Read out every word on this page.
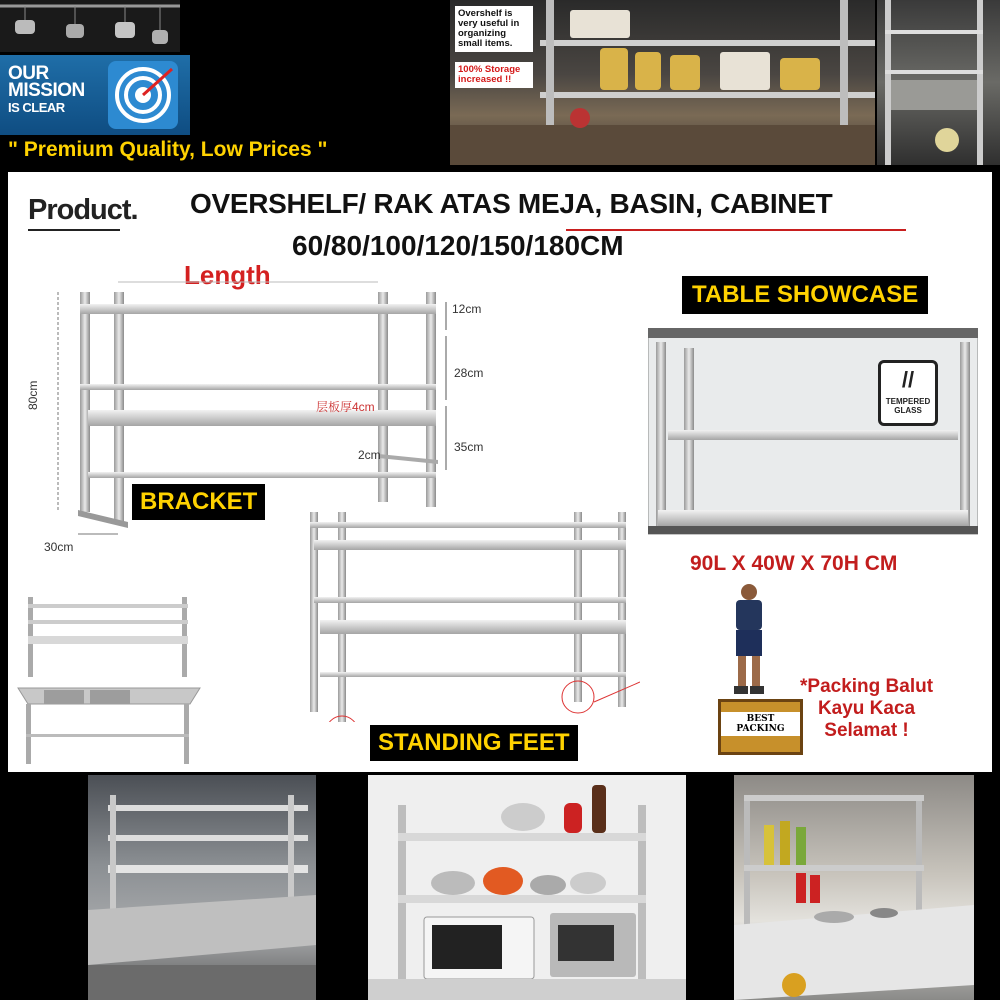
OUR
MISSION
IS CLEAR
" Premium Quality, Low Prices "
Overshelf is very useful in organizing small items.
100% Storage increased !!
Product. OVERSHELF/ RAK ATAS MEJA, BASIN, CABINET
60/80/100/120/150/180CM
Length
12cm
28cm
35cm
80cm
30cm
层板厚4cm
2cm
BRACKET
STANDING FEET
TABLE SHOWCASE
//
TEMPERED GLASS
90L X 40W X 70H CM
BEST PACKING
*Packing Balut
Kayu Kaca
Selamat !
